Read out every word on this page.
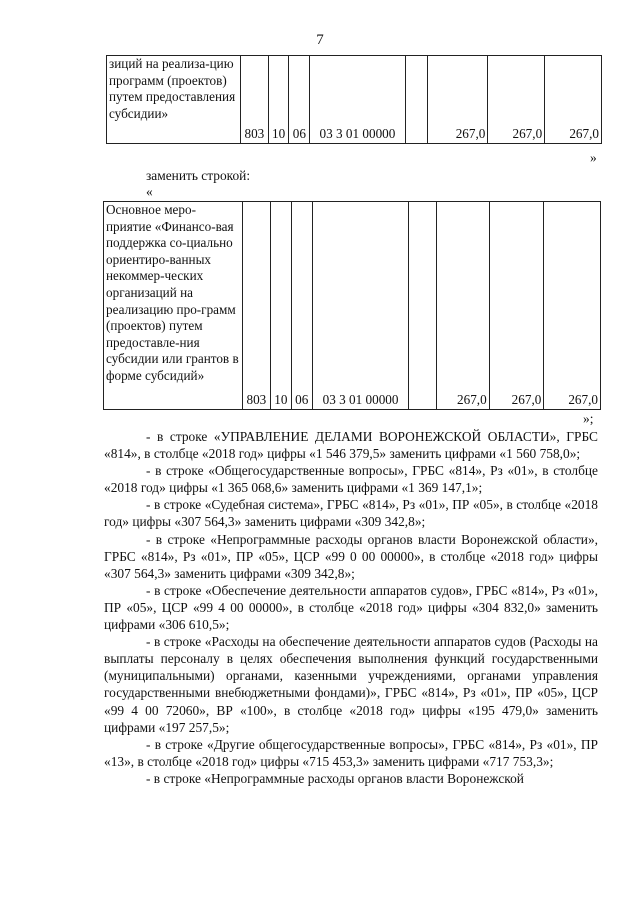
7
зиций на реализа-цию программ (проектов) путем предоставления субсидии»	803	10	06	03 3 01 00000		267,0	267,0	267,0
»
заменить строкой:
«
Основное меро-приятие «Финансо-вая поддержка со-циально ориентиро-ванных некоммер-ческих организаций на реализацию про-грамм (проектов) путем предоставле-ния субсидии или грантов в форме субсидий»	803	10	06	03 3 01 00000		267,0	267,0	267,0
»;

- в строке «УПРАВЛЕНИЕ ДЕЛАМИ ВОРОНЕЖСКОЙ ОБЛАСТИ», ГРБС «814», в столбце «2018 год» цифры «1 546 379,5» заменить цифрами «1 560 758,0»;

- в строке «Общегосударственные вопросы», ГРБС «814», Рз «01», в столбце «2018 год» цифры «1 365 068,6» заменить цифрами «1 369 147,1»;

- в строке «Судебная система», ГРБС «814», Рз «01», ПР «05», в столбце «2018 год» цифры «307 564,3» заменить цифрами «309 342,8»;

- в строке «Непрограммные расходы органов власти Воронежской области», ГРБС «814», Рз «01», ПР «05», ЦСР «99 0 00 00000», в столбце «2018 год» цифры «307 564,3» заменить цифрами «309 342,8»;

- в строке «Обеспечение деятельности аппаратов судов», ГРБС «814», Рз «01», ПР «05», ЦСР «99 4 00 00000», в столбце «2018 год» цифры «304 832,0» заменить цифрами «306 610,5»;

- в строке «Расходы на обеспечение деятельности аппаратов судов (Расходы на выплаты персоналу в целях обеспечения выполнения функций государственными (муниципальными) органами, казенными учреждениями, органами управления государственными внебюджетными фондами)», ГРБС «814», Рз «01», ПР «05», ЦСР «99 4 00 72060», ВР «100», в столбце «2018 год» цифры «195 479,0» заменить цифрами «197 257,5»;

- в строке «Другие общегосударственные вопросы», ГРБС «814», Рз «01», ПР «13», в столбце «2018 год» цифры «715 453,3» заменить цифрами «717 753,3»;

- в строке «Непрограммные расходы органов власти Воронежской
